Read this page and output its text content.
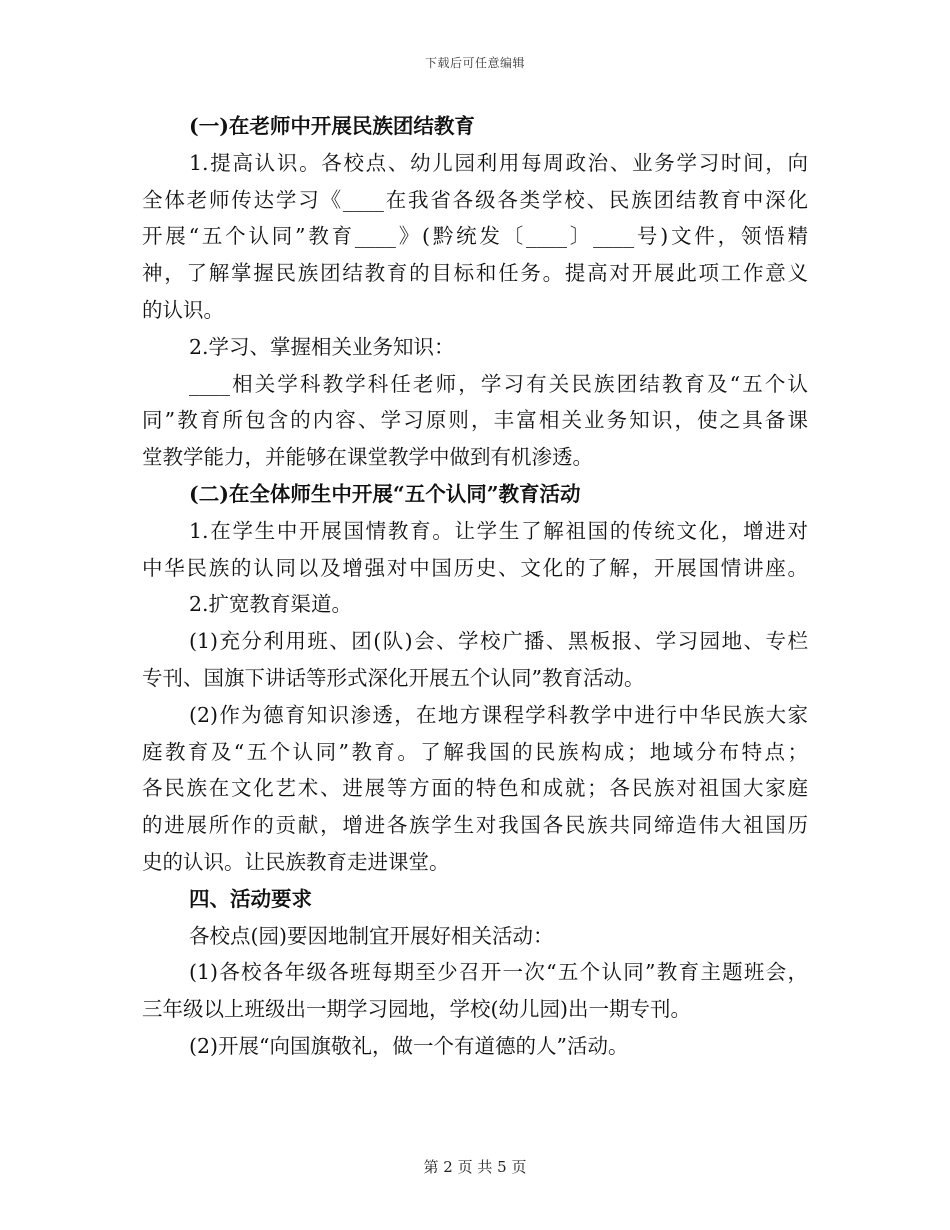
下载后可任意编辑
(一)在老师中开展民族团结教育
1.提高认识。各校点、幼儿园利用每周政治、业务学习时间，向
全体老师传达学习《____在我省各级各类学校、民族团结教育中深化
开展“五个认同”教育____》(黔统发〔____〕____号)文件，领悟精
神，了解掌握民族团结教育的目标和任务。提高对开展此项工作意义
的认识。
2.学习、掌握相关业务知识：
____相关学科教学科任老师，学习有关民族团结教育及“五个认
同”教育所包含的内容、学习原则，丰富相关业务知识，使之具备课
堂教学能力，并能够在课堂教学中做到有机渗透。
(二)在全体师生中开展“五个认同”教育活动
1.在学生中开展国情教育。让学生了解祖国的传统文化，增进对
中华民族的认同以及增强对中国历史、文化的了解，开展国情讲座。
2.扩宽教育渠道。
(1)充分利用班、团(队)会、学校广播、黑板报、学习园地、专栏
专刊、国旗下讲话等形式深化开展五个认同”教育活动。
(2)作为德育知识渗透，在地方课程学科教学中进行中华民族大家
庭教育及“五个认同”教育。了解我国的民族构成；地域分布特点；
各民族在文化艺术、进展等方面的特色和成就；各民族对祖国大家庭
的进展所作的贡献，增进各族学生对我国各民族共同缔造伟大祖国历
史的认识。让民族教育走进课堂。
四、活动要求
各校点(园)要因地制宜开展好相关活动：
(1)各校各年级各班每期至少召开一次“五个认同”教育主题班会，
三年级以上班级出一期学习园地，学校(幼儿园)出一期专刊。
(2)开展“向国旗敬礼，做一个有道德的人”活动。
第 2 页 共 5 页
